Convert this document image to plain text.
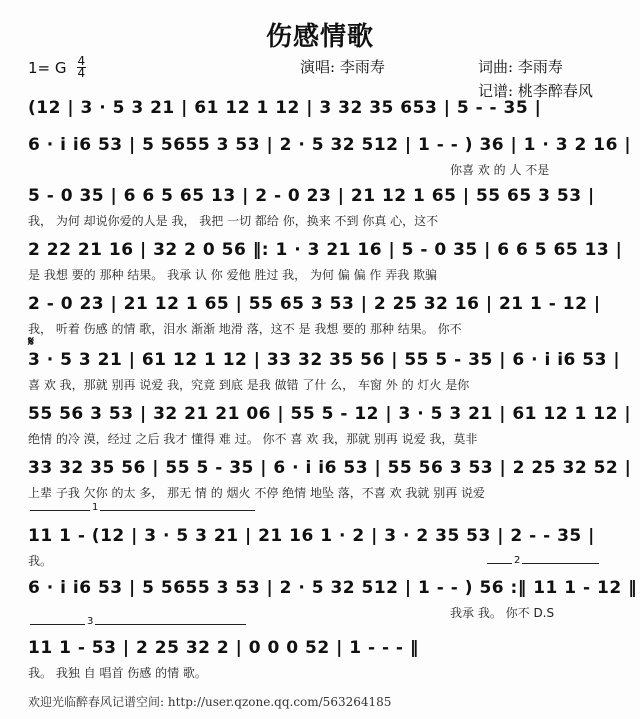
伤感情歌
1= G $\frac{4}{4}$	演唱: 李雨寿	词曲: 李雨寿
记谱: 桃李醉春风
(12 | 3 · 5 3 21 | 61 12 1 12 | 3 32 35 653 | 5 - - 35 |
6 · i i6 53 | 5 5655 3 53 | 2 · 5 32 512 | 1 - - ) 36 | 1 · 3 2 16 |
你喜 欢 的 人 不是
5 - 0 35 | 6 6 5 65 13 | 2 - 0 23 | 21 12 1 65 | 55 65 3 53 |
我， 为何 却说你爱的人是 我， 我把 一切 都给 你，换来 不到 你真 心，这不
2 22 21 16 | 32 2 0 56 ‖: 1 · 3 21 16 | 5 - 0 35 | 6 6 5 65 13 |
是 我想 要的 那种 结果。 我承 认 你 爱他 胜过 我， 为何 偏 偏 作 弄我 欺骗
2 - 0 23 | 21 12 1 65 | 55 65 3 53 | 2 25 32 16 | 21 1 - 12 |
我， 听着 伤感 的情 歌，泪水 渐渐 地滑 落，这不 是 我想 要的 那种 结果。 你不
𝄋
3 · 5 3 21 | 61 12 1 12 | 33 32 35 56 | 55 5 - 35 | 6 · i i6 53 |
喜 欢 我，那就 别再 说爱 我，究竟 到底 是我 做错 了什 么， 车窗 外 的 灯火 是你
55 56 3 53 | 32 21 21 06 | 55 5 - 12 | 3 · 5 3 21 | 61 12 1 12 |
绝情 的冷 漠，经过 之后 我才 懂得 难 过。 你不 喜 欢 我，那就 别再 说爱 我，莫非
33 32 35 56 | 55 5 - 35 | 6 · i i6 53 | 55 56 3 53 | 2 25 32 52 |
上辈 子我 欠你 的太 多， 那无 情 的 烟火 不停 绝情 地坠 落，不喜 欢 我就 别再 说爱
1
11 1 - (12 | 3 · 5 3 21 | 21 16 1 · 2 | 3 · 2 35 53 | 2 - - 35 |
我。
6 · i i6 53 | 5 5655 3 53 | 2 · 5 32 512 | 1 - - ) 56 :‖ 11 1 - 12 ‖
我承 我。 你不 D.S
2
3
11 1 - 53 | 2 25 32 2 | 0 0 0 52 | 1 - - - ‖
我。 我独 自 唱首 伤感 的情 歌。
欢迎光临醉春风记谱空间: http://user.qzone.qq.com/563264185
